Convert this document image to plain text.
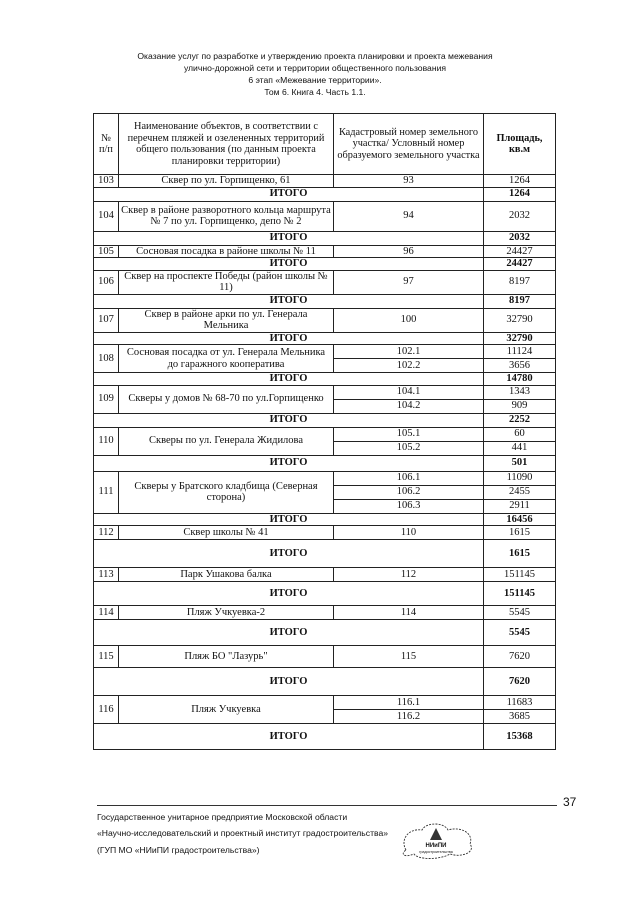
Оказание услуг по разработке и утверждению проекта планировки и проекта межевания
улично-дорожной сети и территории общественного пользования
6 этап «Межевание территории».
Том 6. Книга 4. Часть 1.1.
№ п/п	Наименование объектов, в соответствии с перечнем пляжей и озелененных территорий общего пользования (по данным проекта планировки территории)	Кадастровый номер земельного участка/ Условный номер образуемого земельного участка	Площадь, кв.м
103	Сквер по ул. Горпищенко, 61	93	1264
ИТОГО			1264
104	Сквер в районе разворотного кольца маршрута № 7 по ул. Горпищенко, депо № 2	94	2032
ИТОГО			2032
105	Сосновая посадка в районе школы № 11	96	24427
ИТОГО			24427
106	Сквер на проспекте Победы (район школы № 11)	97	8197
ИТОГО			8197
107	Сквер в районе арки по ул. Генерала Мельника	100	32790
ИТОГО			32790
108	Сосновая посадка от ул. Генерала Мельника до гаражного кооператива	102.1	11124
		102.2	3656
ИТОГО			14780
109	Скверы у домов № 68-70 по ул.Горпищенко	104.1	1343
		104.2	909
ИТОГО			2252
110	Скверы по ул. Генерала Жидилова	105.1	60
		105.2	441
ИТОГО			501
111	Скверы у Братского кладбища (Северная сторона)	106.1	11090
		106.2	2455
		106.3	2911
ИТОГО			16456
112	Сквер школы № 41	110	1615
ИТОГО			1615
113	Парк Ушакова балка	112	151145
ИТОГО			151145
114	Пляж Учкуевка-2	114	5545
ИТОГО			5545
115	Пляж БО "Лазурь"	115	7620
ИТОГО			7620
116	Пляж Учкуевка	116.1	11683
		116.2	3685
ИТОГО			15368
37
Государственное унитарное предприятие Московской области
«Научно-исследовательский и проектный институт градостроительства»
(ГУП МО «НИиПИ градостроительства»)	НИиПИ
градостроительства
